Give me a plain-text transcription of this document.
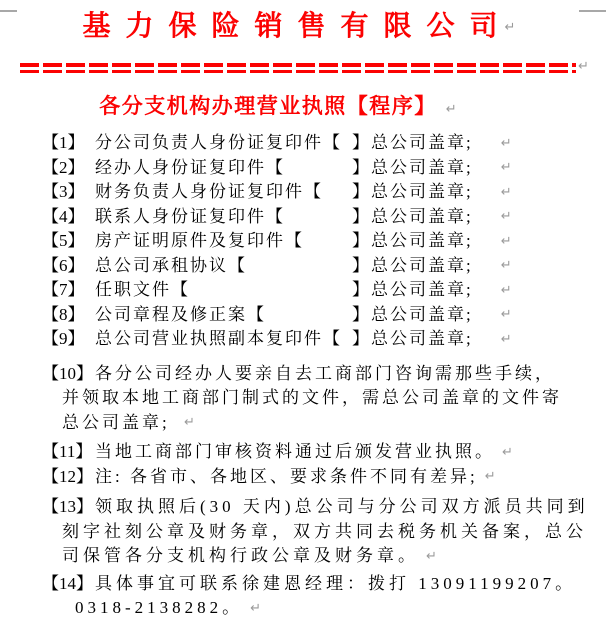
基 力 保 险 销 售 有 限 公 司 ↵
↵
各分支机构办理营业执照【程序】 ↵
【1】 分公司负责人身份证复印件【 】 总公司盖章; ↵
【2】 经办人身份证复印件【	】 总公司盖章; ↵
【3】 财务负责人身份证复印件【 】 总公司盖章; ↵
【4】 联系人身份证复印件【	】 总公司盖章; ↵
【5】 房产证明原件及复印件【	】 总公司盖章; ↵
【6】 总公司承租协议【	】 总公司盖章; ↵
【7】 任职文件【	】 总公司盖章; ↵
【8】 公司章程及修正案【	】 总公司盖章; ↵
【9】 总公司营业执照副本复印件【 】 总公司盖章; ↵
【10】 各分公司经办人要亲自去工商部门咨询需那些手续，
并领取本地工商部门制式的文件，需总公司盖章的文件寄
总公司盖章; ↵
【11】 当地工商部门审核资料通过后颁发营业执照。 ↵
【12】 注: 各省市、各地区、要求条件不同有差异; ↵
【13】 领取执照后(30 天内)总公司与分公司双方派员共同到
刻字社刻公章及财务章，双方共同去税务机关备案，总公
司保管各分支机构行政公章及财务章。 ↵
【14】 具体事宜可联系徐建恩经理：拨打 13091199207。
0318-2138282。 ↵
